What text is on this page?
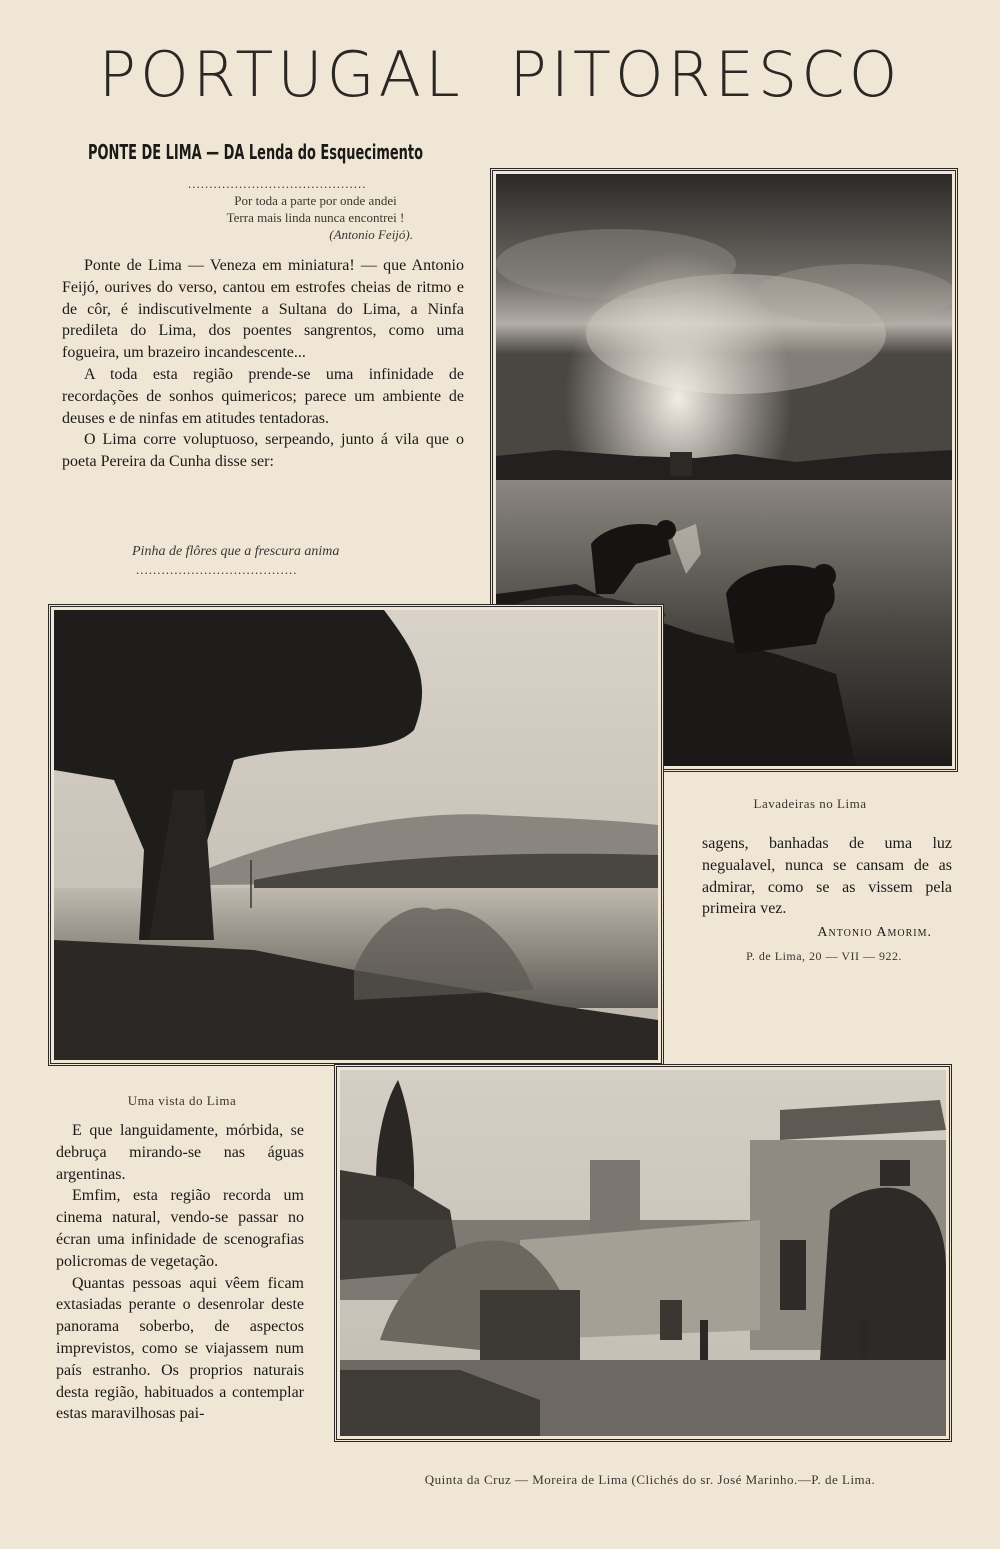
PORTUGAL PITORESCO
PONTE DE LIMA — DA Lenda do Esquecimento
..........................................
Por toda a parte por onde andei
Terra mais linda nunca encontrei !
(Antonio Feijó).

Ponte de Lima — Veneza em miniatura! — que Antonio Feijó, ourives do verso, cantou em estrofes cheias de ritmo e de côr, é indiscutivelmente a Sultana do Lima, a Ninfa predileta do Lima, dos poentes sangrentos, como uma fogueira, um brazeiro incandescente...

A toda esta região prende-se uma infinidade de recordações de sonhos quimericos; parece um ambiente de deuses e de ninfas em atitudes tentadoras.

O Lima corre voluptuoso, serpeando, junto á vila que o poeta Pereira da Cunha disse ser:

Pinha de flôres que a frescura anima
......................................
Lavadeiras no Lima

sagens, banhadas de uma luz negualavel, nunca se cansam de as admirar, como se as vissem pela primeira vez.

Antonio Amorim.
P. de Lima, 20 — VII — 922.
Uma vista do Lima

E que languidamente, mórbida, se debruça mirando-se nas águas argentinas.

Emfim, esta região recorda um cinema natural, vendo-se passar no écran uma infinidade de scenografias policromas de vegetação.

Quantas pessoas aqui vêem ficam extasiadas perante o desenrolar deste panorama soberbo, de aspectos imprevistos, como se viajassem num país estranho. Os proprios naturais desta região, habituados a contemplar estas maravilhosas pai-

Quinta da Cruz — Moreira de Lima (Clichés do sr. José Marinho.—P. de Lima.
